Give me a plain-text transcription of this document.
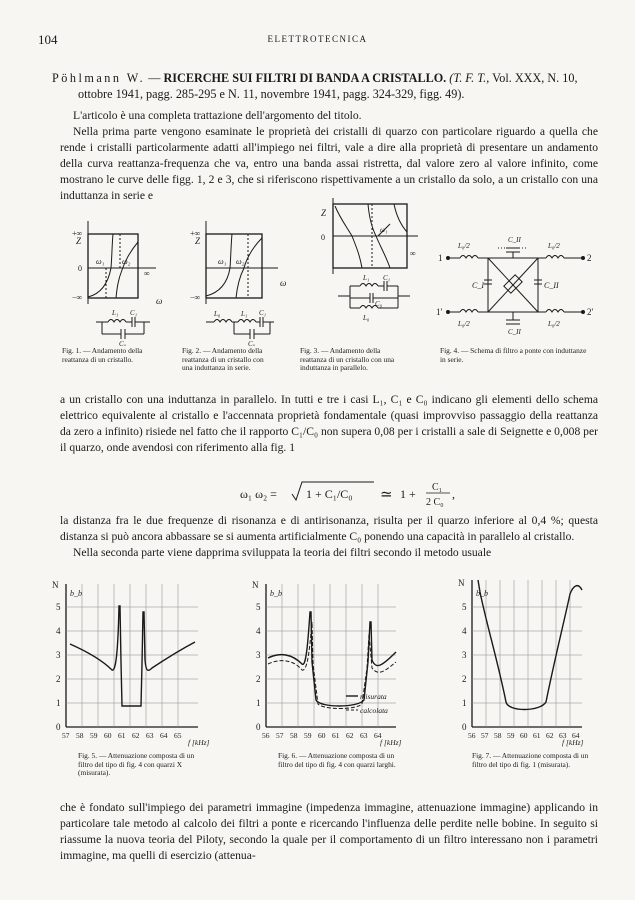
104	ELETTROTECNICA
Pöhlmann W. — RICERCHE SUI FILTRI DI BANDA A CRISTALLO. (T. F. T., Vol. XXX, N. 10, ottobre 1941, pagg. 285-295 e N. 11, novembre 1941, pagg. 324-329, figg. 49).

L'articolo è una completa trattazione dell'argomento del titolo.

Nella prima parte vengono esaminate le proprietà dei cristalli di quarzo con particolare riguardo a quella che rende i cristalli particolarmente adatti all'impiego nei filtri, vale a dire alla proprietà di presentare un andamento della curva reattanza-frequenza che va, entro una banda assai ristretta, dal valore zero al valore infinito, come mostrano le curve delle figg. 1, 2 e 3, che si riferiscono rispettivamente a un cristallo da solo, a un cristallo con una induttanza in serie e

Z
+∞
−∞
0
ω
ω₁ ω₂
∞
L₁ C₁
C₀
Z
+∞
−∞
ω₁ ω₂
ω
L₀	L₁ C₁
C₀
Z
0
∞
ω₁
L₁ C₁
C₀
L₀
L₀/2	L₀/2
L₀/2	L₀/2
C_I	C_II
C_II
C_II
1	2
1'	2'
Fig. 1. — Andamento della reattanza di un cristallo.
Fig. 2. — Andamento della reattanza di un cristallo con una induttanza in serie.
Fig. 3. — Andamento della reattanza di un cristallo con una induttanza in parallelo.
Fig. 4. — Schema di filtro a ponte con induttanze in serie.

a un cristallo con una induttanza in parallelo. In tutti e tre i casi L₁, C₁ e C₀ indicano gli elementi dello schema elettrico equivalente al cristallo e l'accennata proprietà fondamentale (quasi improvviso passaggio della reattanza da zero a infinito) risiede nel fatto che il rapporto C₁/C₀ non supera 0,08 per i cristalli a sale di Seignette e 0,008 per il quarzo, onde avendosi con riferimento alla fig. 1

ω₁ ω₂ = 1 + C₁/C₀ ≃ 1 + C₁
2 C₀
,

la distanza fra le due frequenze di risonanza e di antirisonanza, risulta per il quarzo inferiore al 0,4 %; questa distanza si può ancora abbassare se si aumenta artificialmente C₀ ponendo una capacità in parallelo al cristallo.

Nella seconda parte viene dapprima sviluppata la teoria dei filtri secondo il metodo usuale

N
b_b
0
1
2
3
4
5
57 58 59 60 61 62 63 64 65
f [kHz]
N
b_b
0
1
2
3
4
5
56 57 58 59 60 61 62 63 64
f [kHz]
misurata
calcolata
N
b_b
0
1
2
3
4
5
56 57 58 59 60 61 62 63 64
f [kHz]
Fig. 5. — Attenuazione composta di un filtro del tipo di fig. 4 con quarzi X (misurata).
Fig. 6. — Attenuazione composta di un filtro del tipo di fig. 4 con quarzi larghi.
Fig. 7. — Attenuazione composta di un filtro del tipo di fig. 1 (misurata).

che è fondato sull'impiego dei parametri immagine (impedenza immagine, attenuazione immagine) applicando in particolare tale metodo al calcolo dei filtri a ponte e ricercando l'influenza delle perdite nelle bobine. In seguito si riassume la nuova teoria del Piloty, secondo la quale per il comportamento di un filtro interessano non i parametri immagine, ma quelli di esercizio (attenua-
